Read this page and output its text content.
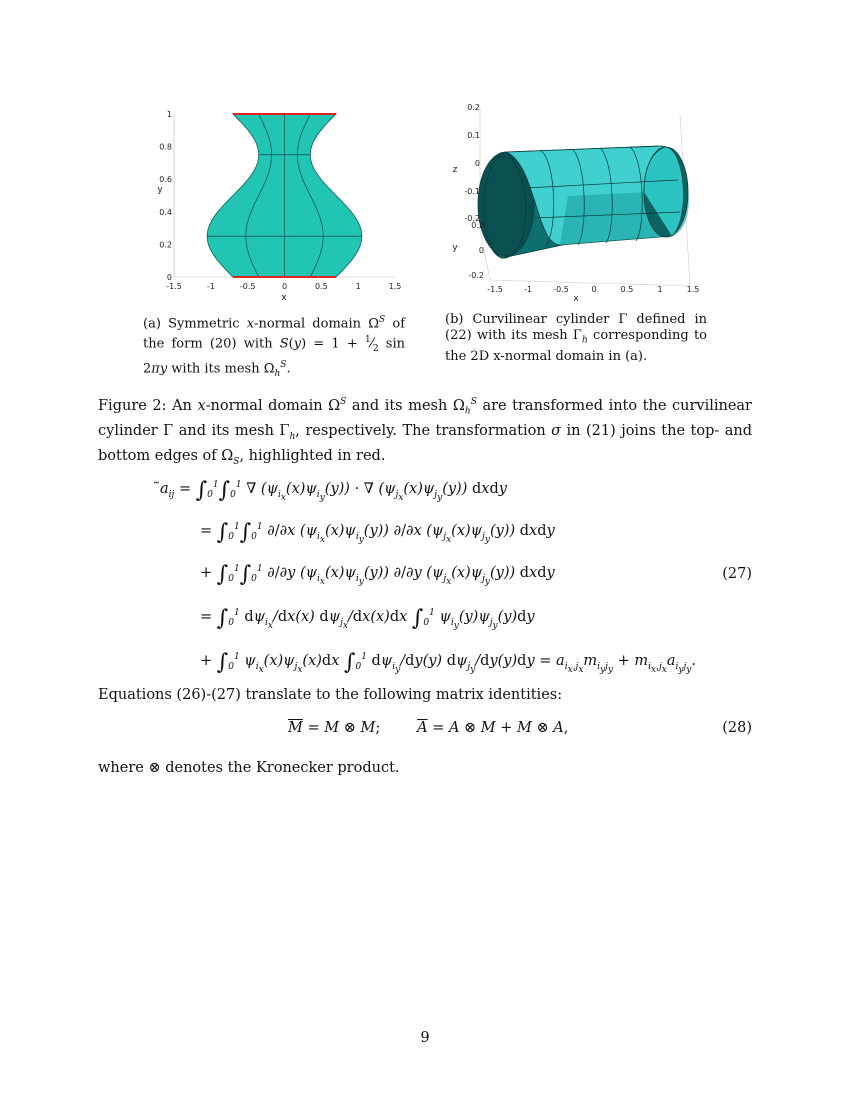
-1.5	-1	-0.5	0	0.5	1	1.5
0
0.2
0.4
0.6
0.8
1
x
y
(a) Symmetric x-normal domain $\Omega^S$ of the form (20) with $S(y) = 1 + ^1⁄_2$ sin 2πy with its mesh $\Omega_h^S$.
0.2
0.1
0
-0.1
-0.2
0.2
0
-0.2
-1.5	-1	-0.5	0	0.5	1	1.5
z
y
x
(b) Curvilinear cylinder Γ defined in (22) with its mesh $\Gamma_h$ corresponding to the 2D x-normal domain in (a).
Figure 2: An x-normal domain $\Omega^S$ and its mesh $\Omega_h^S$ are transformed into the curvilinear cylinder Γ and its mesh $\Gamma_h$, respectively. The transformation σ in (21) joins the top- and bottom edges of $\Omega_S$, highlighted in red.
$a_{ij} = \int_0^1\int_0^1$ ∇ $(\psi_{i_x}(x)\psi_{i_y}(y))$ · ∇ $(\psi_{j_x}(x)\psi_{j_y}(y))$ dxdy
= $\int_0^1\int_0^1$ ∂/∂x $(\psi_{i_x}(x)\psi_{i_y}(y))$ ∂/∂x $(\psi_{j_x}(x)\psi_{j_y}(y))$ dxdy
+ $\int_0^1\int_0^1$ ∂/∂y $(\psi_{i_x}(x)\psi_{i_y}(y))$ ∂/∂y $(\psi_{j_x}(x)\psi_{j_y}(y))$ dxdy	(27)
= $\int_0^1$ $d\psi_{i_x}/dx(x)$ $d\psi_{j_x}/dx(x)dx$ $\int_0^1$ $\psi_{i_y}(y)\psi_{j_y}(y)dy$
+ $\int_0^1$ $\psi_{i_x}(x)\psi_{j_x}(x)dx$ $\int_0^1$ $d\psi_{i_y}/dy(y) d\psi_{j_y}/dy(y)dy = a_{i_x,j_x}m_{i_yj_y} + m_{i_x,j_x}a_{i_yj_y}$.
Equations (26)-(27) translate to the following matrix identities:
$\overline{M} = M$ ⊗ M;	$\overline{A} = A$ ⊗ M + M ⊗ A,	(28)
where ⊗ denotes the Kronecker product.
9
